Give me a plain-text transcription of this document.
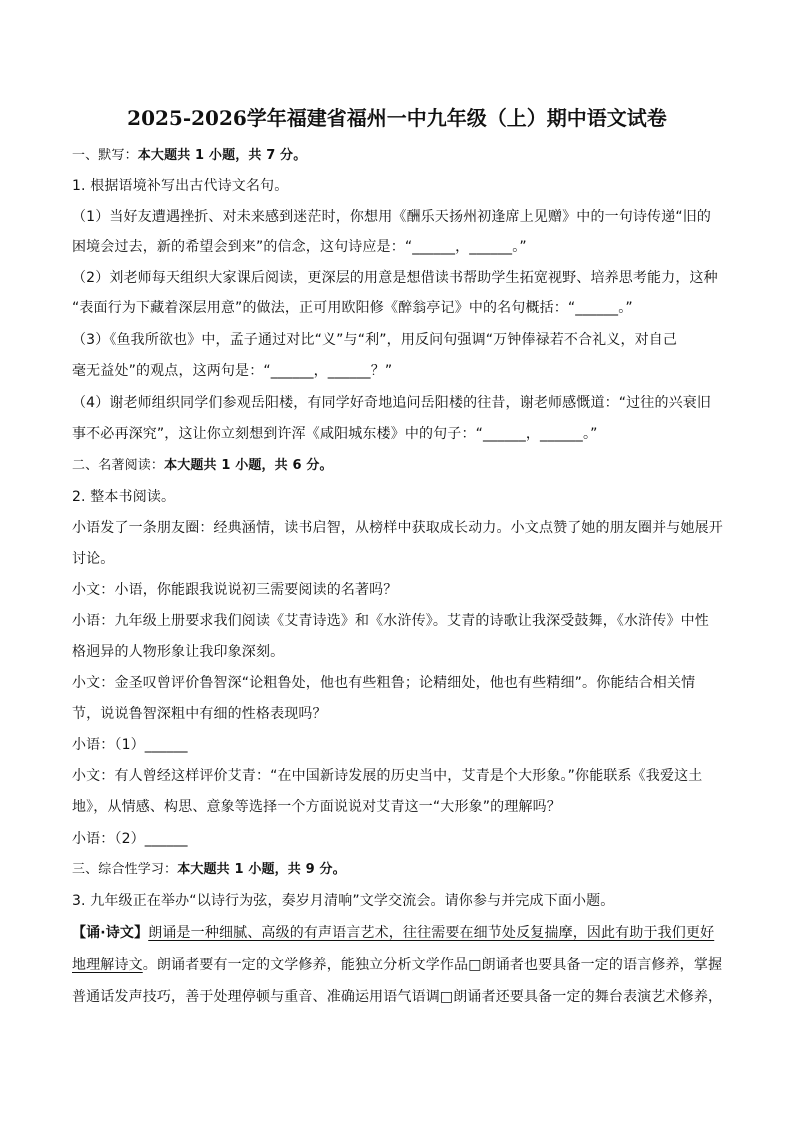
2025-2026学年福建省福州一中九年级（上）期中语文试卷
一、默写：本大题共 1 小题，共 7 分。
1. 根据语境补写出古代诗文名句。
（1）当好友遭遇挫折、对未来感到迷茫时，你想用《酬乐天扬州初逢席上见赠》中的一句诗传递“旧的
困境会过去，新的希望会到来”的信念，这句诗应是：“______，______。”
（2）刘老师每天组织大家课后阅读，更深层的用意是想借读书帮助学生拓宽视野、培养思考能力，这种
“表面行为下藏着深层用意”的做法，正可用欧阳修《醉翁亭记》中的名句概括：“______。”
（3）《鱼我所欲也》中，孟子通过对比“义”与“利”，用反问句强调“万钟俸禄若不合礼义，对自己
毫无益处”的观点，这两句是：“______，______？”
（4）谢老师组织同学们参观岳阳楼，有同学好奇地追问岳阳楼的往昔，谢老师感慨道：“过往的兴衰旧
事不必再深究”，这让你立刻想到许浑《咸阳城东楼》中的句子：“______，______。”
二、名著阅读：本大题共 1 小题，共 6 分。
2. 整本书阅读。
小语发了一条朋友圈：经典涵情，读书启智，从榜样中获取成长动力。小文点赞了她的朋友圈并与她展开
讨论。
小文：小语，你能跟我说说初三需要阅读的名著吗？
小语：九年级上册要求我们阅读《艾青诗选》和《水浒传》。艾青的诗歌让我深受鼓舞，《水浒传》中性
格迥异的人物形象让我印象深刻。
小文：金圣叹曾评价鲁智深“论粗鲁处，他也有些粗鲁；论精细处，他也有些精细”。你能结合相关情
节，说说鲁智深粗中有细的性格表现吗？
小语：（1）______
小文：有人曾经这样评价艾青：“在中国新诗发展的历史当中，艾青是个大形象。”你能联系《我爱这土
地》，从情感、构思、意象等选择一个方面说说对艾青这一“大形象”的理解吗？
小语：（2）______
三、综合性学习：本大题共 1 小题，共 9 分。
3. 九年级正在举办“以诗行为弦，奏岁月清响”文学交流会。请你参与并完成下面小题。
【诵·诗文】朗诵是一种细腻、高级的有声语言艺术，往往需要在细节处反复揣摩，因此有助于我们更好
地理解诗文。朗诵者要有一定的文学修养，能独立分析文学作品□朗诵者也要具备一定的语言修养，掌握
普通话发声技巧，善于处理停顿与重音、准确运用语气语调□朗诵者还要具备一定的舞台表演艺术修养，
